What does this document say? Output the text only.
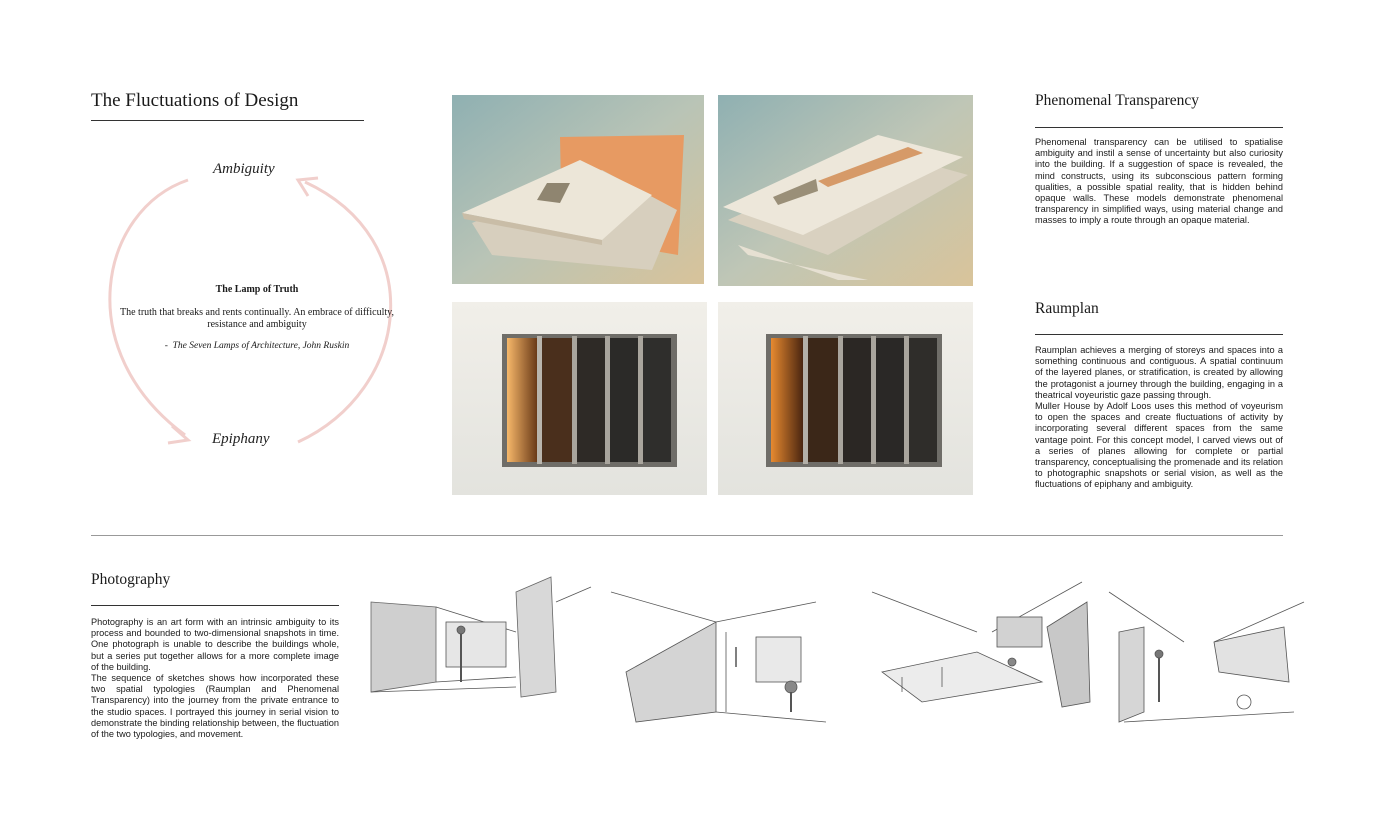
The Fluctuations of Design
Ambiguity
Epiphany
The Lamp of Truth
The truth that breaks and rents continually. An embrace of difficulty, resistance and ambiguity
- The Seven Lamps of Architecture, John Ruskin
Phenomenal Transparency
Phenomenal transparency can be utilised to spatialise ambiguity and instil a sense of uncertainty but also curiosity into the building. If a suggestion of space is revealed, the mind constructs, using its subconscious pattern forming qualities, a possible spatial reality, that is hidden behind opaque walls. These models demonstrate phenomenal transparency in simplified ways, using material change and masses to imply a route through an opaque material.
Raumplan
Raumplan achieves a merging of storeys and spaces into a something continuous and contiguous. A spatial continuum of the layered planes, or stratification, is created by allowing the protagonist a journey through the building, engaging in a theatrical voyeuristic gaze passing through.
Muller House by Adolf Loos uses this method of voyeurism to open the spaces and create fluctuations of activity by incorporating several different spaces from the same vantage point. For this concept model, I carved views out of a series of planes allowing for complete or partial transparency, conceptualising the promenade and its relation to photographic snapshots or serial vision, as well as the fluctuations of epiphany and ambiguity.
Photography
Photography is an art form with an intrinsic ambiguity to its process and bounded to two-dimensional snapshots in time. One photograph is unable to describe the buildings whole, but a series put together allows for a more complete image of the building.
The sequence of sketches shows how incorporated these two spatial typologies (Raumplan and Phenomenal Transparency) into the journey from the private entrance to the studio spaces. I portrayed this journey in serial vision to demonstrate the binding relationship between, the fluctuation of the two typologies, and movement.
